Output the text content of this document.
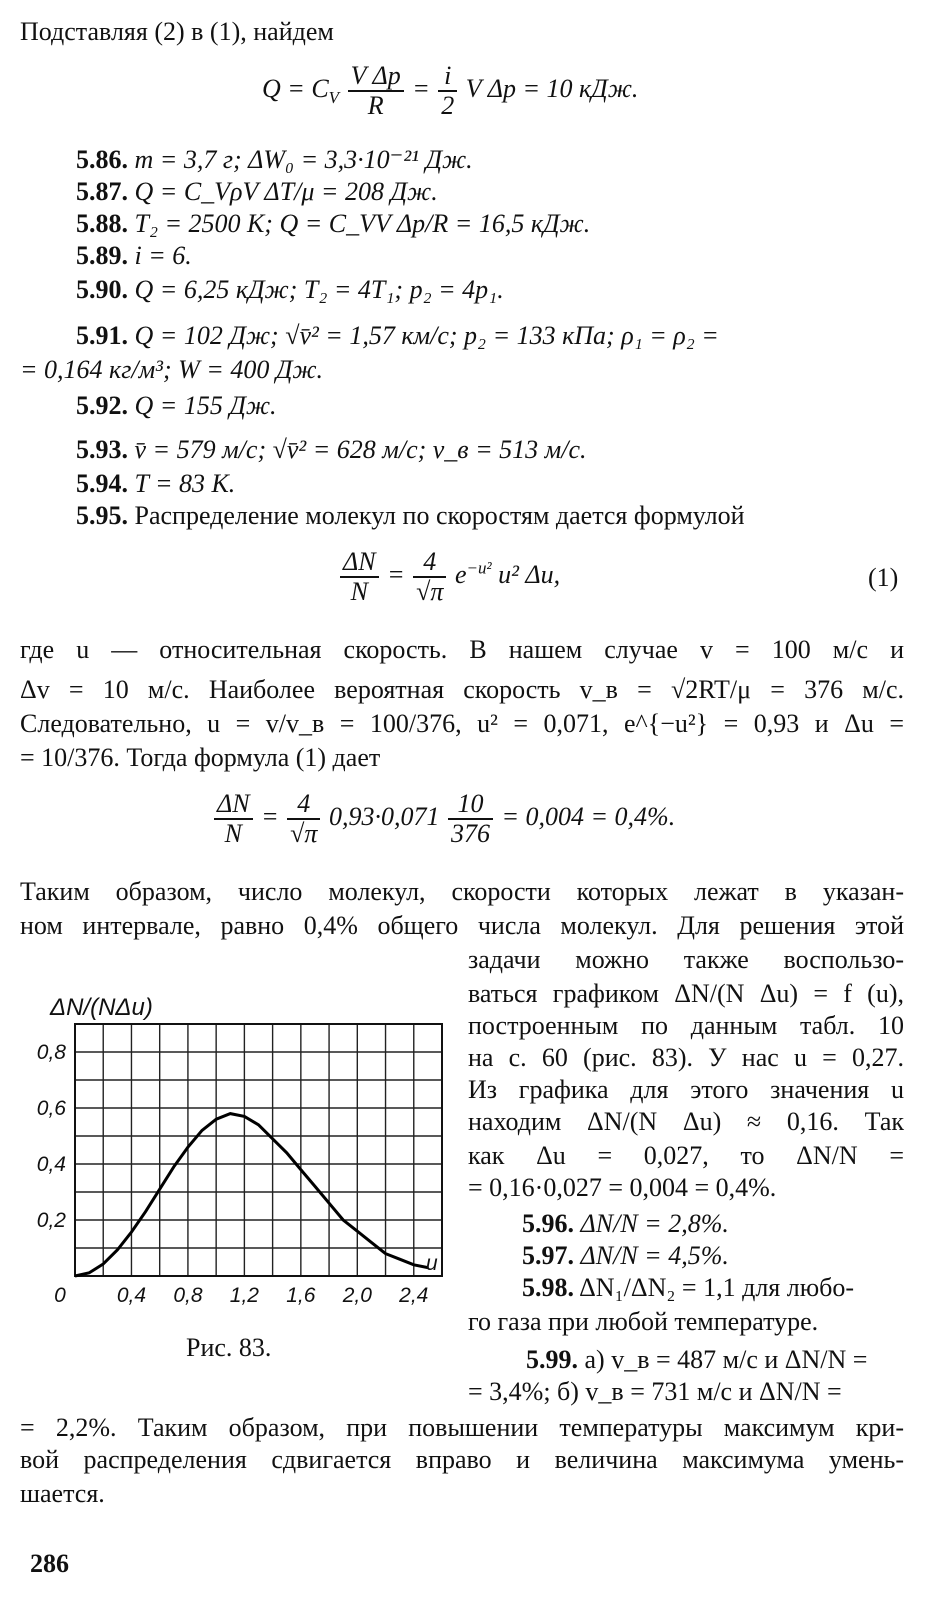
Подставляя (2) в (1), найдем
$Q = C_V \frac{\text{V Δp}}{R} = \frac{i}{2}$ V Δp = 10 кДж.
5.86. m = 3,7 г; ΔW₀ = 3,3·10⁻²¹ Дж.
5.87. Q = C_VρV ΔT/μ = 208 Дж.
5.88. T₂ = 2500 К; Q = C_VV Δp/R = 16,5 кДж.
5.89. i = 6.
5.90. Q = 6,25 кДж; T₂ = 4T₁; p₂ = 4p₁.
5.91. Q = 102 Дж; √v̄² = 1,57 км/с; p₂ = 133 кПа; ρ₁ = ρ₂ =
= 0,164 кг/м³; W = 400 Дж.
5.92. Q = 155 Дж.
5.93. v̄ = 579 м/с; √v̄² = 628 м/с; v_в = 513 м/с.
5.94. T = 83 К.
5.95. Распределение молекул по скоростям дается формулой
$\frac{\Delta N}{N} = \frac{4}{√\pi} e^{-u^2}$ u² Δu,	(1)
где u — относительная скорость. В нашем случае v = 100 м/с и
Δv = 10 м/с. Наиболее вероятная скорость v_в = √2RT/μ = 376 м/с.
Следовательно, u = v/v_в = 100/376, u² = 0,071, e^{−u²} = 0,93 и Δu =
= 10/376. Тогда формула (1) дает
$\frac{\Delta N}{N} = \frac{4}{√\pi} 0,93\cdot 0,071 \frac{10}{376} = 0,004 = 0,4\%$.
Таким образом, число молекул, скорости которых лежат в указан-
ном интервале, равно 0,4% общего числа молекул. Для решения этой
задачи можно также воспользо-
ваться графиком ΔN/(N Δu) = f (u),
построенным по данным табл. 10
на с. 60 (рис. 83). У нас u = 0,27.
Из графика для этого значения u
находим ΔN/(N Δu) ≈ 0,16. Так
как Δu = 0,027, то ΔN/N =
= 0,16·0,027 = 0,004 = 0,4%.
5.96. ΔN/N = 2,8%.
5.97. ΔN/N = 4,5%.
5.98. ΔN₁/ΔN₂ = 1,1 для любо-
го газа при любой температуре.
5.99. а) v_в = 487 м/с и ΔN/N =
= 3,4%; б) v_в = 731 м/с и ΔN/N =
= 2,2%. Таким образом, при повышении температуры максимум кри-
вой распределения сдвигается вправо и величина максимума умень-
шается.
286
ΔN/(NΔu)
0 0,4 0,8 1,2 1,6 2,0 2,4
0,2
0,4
0,6
0,8
u
Рис. 83.
